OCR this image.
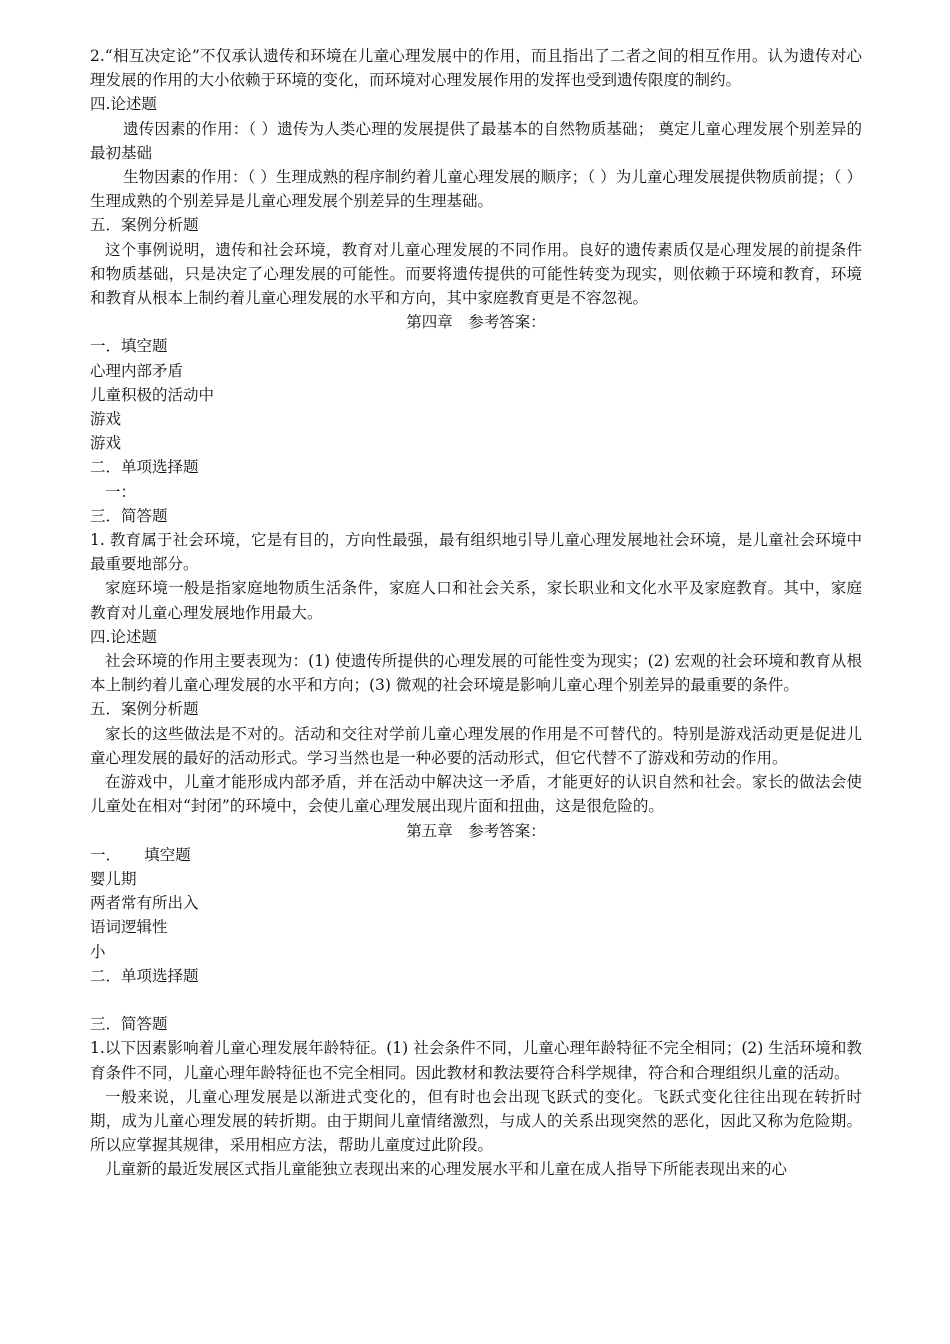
2.“相互决定论”不仅承认遗传和环境在儿童心理发展中的作用，而且指出了二者之间的相互作用。认为遗传对心理发展的作用的大小依赖于环境的变化，而环境对心理发展作用的发挥也受到遗传限度的制约。

四.论述题

遗传因素的作用：（ ）遗传为人类心理的发展提供了最基本的自然物质基础； 奠定儿童心理发展个别差异的最初基础

生物因素的作用：（ ）生理成熟的程序制约着儿童心理发展的顺序；（ ）为儿童心理发展提供物质前提；（ ）生理成熟的个别差异是儿童心理发展个别差异的生理基础。

五．案例分析题

这个事例说明，遗传和社会环境，教育对儿童心理发展的不同作用。良好的遗传素质仅是心理发展的前提条件和物质基础，只是决定了心理发展的可能性。而要将遗传提供的可能性转变为现实，则依赖于环境和教育，环境和教育从根本上制约着儿童心理发展的水平和方向，其中家庭教育更是不容忽视。

第四章　参考答案：

一．填空题

心理内部矛盾

儿童积极的活动中

游戏

游戏

二．单项选择题

一：

三．简答题

1. 教育属于社会环境，它是有目的，方向性最强，最有组织地引导儿童心理发展地社会环境，是儿童社会环境中最重要地部分。

家庭环境一般是指家庭地物质生活条件，家庭人口和社会关系，家长职业和文化水平及家庭教育。其中，家庭教育对儿童心理发展地作用最大。

四.论述题

社会环境的作用主要表现为：(1) 使遗传所提供的心理发展的可能性变为现实；(2) 宏观的社会环境和教育从根本上制约着儿童心理发展的水平和方向；(3) 微观的社会环境是影响儿童心理个别差异的最重要的条件。

五．案例分析题

家长的这些做法是不对的。活动和交往对学前儿童心理发展的作用是不可替代的。特别是游戏活动更是促进儿童心理发展的最好的活动形式。学习当然也是一种必要的活动形式，但它代替不了游戏和劳动的作用。

在游戏中，儿童才能形成内部矛盾，并在活动中解决这一矛盾，才能更好的认识自然和社会。家长的做法会使儿童处在相对“封闭”的环境中，会使儿童心理发展出现片面和扭曲，这是很危险的。

第五章　参考答案：

一．　　填空题

婴儿期

两者常有所出入

语词逻辑性

小

二．单项选择题

三．简答题

1.以下因素影响着儿童心理发展年龄特征。(1) 社会条件不同，儿童心理年龄特征不完全相同；(2) 生活环境和教育条件不同，儿童心理年龄特征也不完全相同。因此教材和教法要符合科学规律，符合和合理组织儿童的活动。

一般来说，儿童心理发展是以渐进式变化的，但有时也会出现飞跃式的变化。飞跃式变化往往出现在转折时期，成为儿童心理发展的转折期。由于期间儿童情绪激烈，与成人的关系出现突然的恶化，因此又称为危险期。所以应掌握其规律，采用相应方法，帮助儿童度过此阶段。

儿童新的最近发展区式指儿童能独立表现出来的心理发展水平和儿童在成人指导下所能表现出来的心
